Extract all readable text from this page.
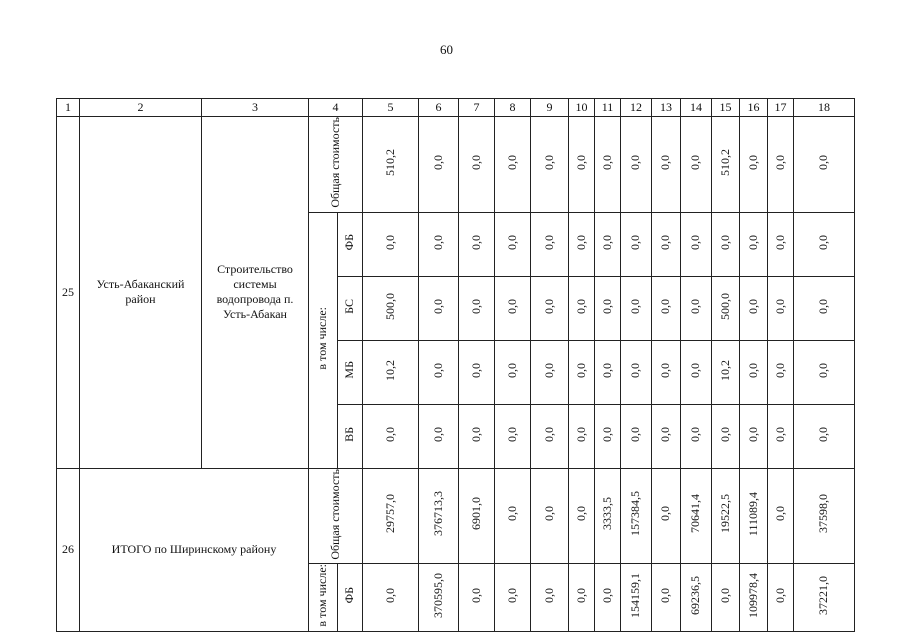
60
1	2	3	4	5	6	7	8	9	10	11	12	13	14	15	16	17	18
25	Усть-Абаканский район	Строительство системы водопровода п. Усть-Абакан	Общая стоимость	510,2	0,0	0,0	0,0	0,0	0,0	0,0	0,0	0,0	0,0	510,2	0,0	0,0	0,0
в том числе:	ФБ	0,0	0,0	0,0	0,0	0,0	0,0	0,0	0,0	0,0	0,0	0,0	0,0	0,0	0,0
БС	500,0	0,0	0,0	0,0	0,0	0,0	0,0	0,0	0,0	0,0	500,0	0,0	0,0	0,0
МБ	10,2	0,0	0,0	0,0	0,0	0,0	0,0	0,0	0,0	0,0	10,2	0,0	0,0	0,0
ВБ	0,0	0,0	0,0	0,0	0,0	0,0	0,0	0,0	0,0	0,0	0,0	0,0	0,0	0,0
26	ИТОГО по Ширинскому району	Общая стоимость	29757,0	376713,3	6901,0	0,0	0,0	0,0	3333,5	157384,5	0,0	70641,4	19522,5	111089,4	0,0	37598,0
в том числе:	ФБ	0,0	370595,0	0,0	0,0	0,0	0,0	0,0	154159,1	0,0	69236,5	0,0	109978,4	0,0	37221,0
